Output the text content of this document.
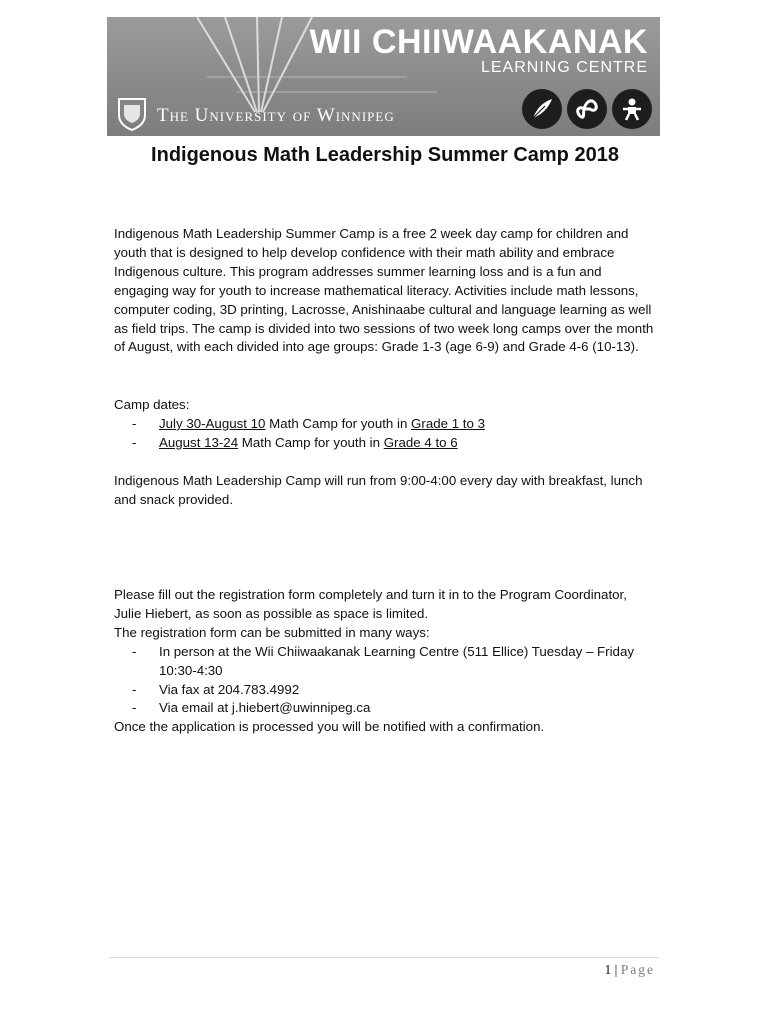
WII CHIIWAAKANAK
LEARNING CENTRE
The University of Winnipeg
Indigenous Math Leadership Summer Camp 2018

Indigenous Math Leadership Summer Camp is a free 2 week day camp for children and youth that is designed to help develop confidence with their math ability and embrace Indigenous culture. This program addresses summer learning loss and is a fun and engaging way for youth to increase mathematical literacy. Activities include math lessons, computer coding, 3D printing, Lacrosse, Anishinaabe cultural and language learning as well as field trips. The camp is divided into two sessions of two week long camps over the month of August, with each divided into age groups: Grade 1-3 (age 6-9) and Grade 4-6 (10-13).

Camp dates:

- July 30-August 10 Math Camp for youth in Grade 1 to 3
- August 13-24 Math Camp for youth in Grade 4 to 6

Indigenous Math Leadership Camp will run from 9:00-4:00 every day with breakfast, lunch and snack provided.

Please fill out the registration form completely and turn it in to the Program Coordinator, Julie Hiebert, as soon as possible as space is limited.

The registration form can be submitted in many ways:

- In person at the Wii Chiiwaakanak Learning Centre (511 Ellice) Tuesday – Friday 10:30-4:30
- Via fax at 204.783.4992
- Via email at j.hiebert@uwinnipeg.ca

Once the application is processed you will be notified with a confirmation.

1 | Page
